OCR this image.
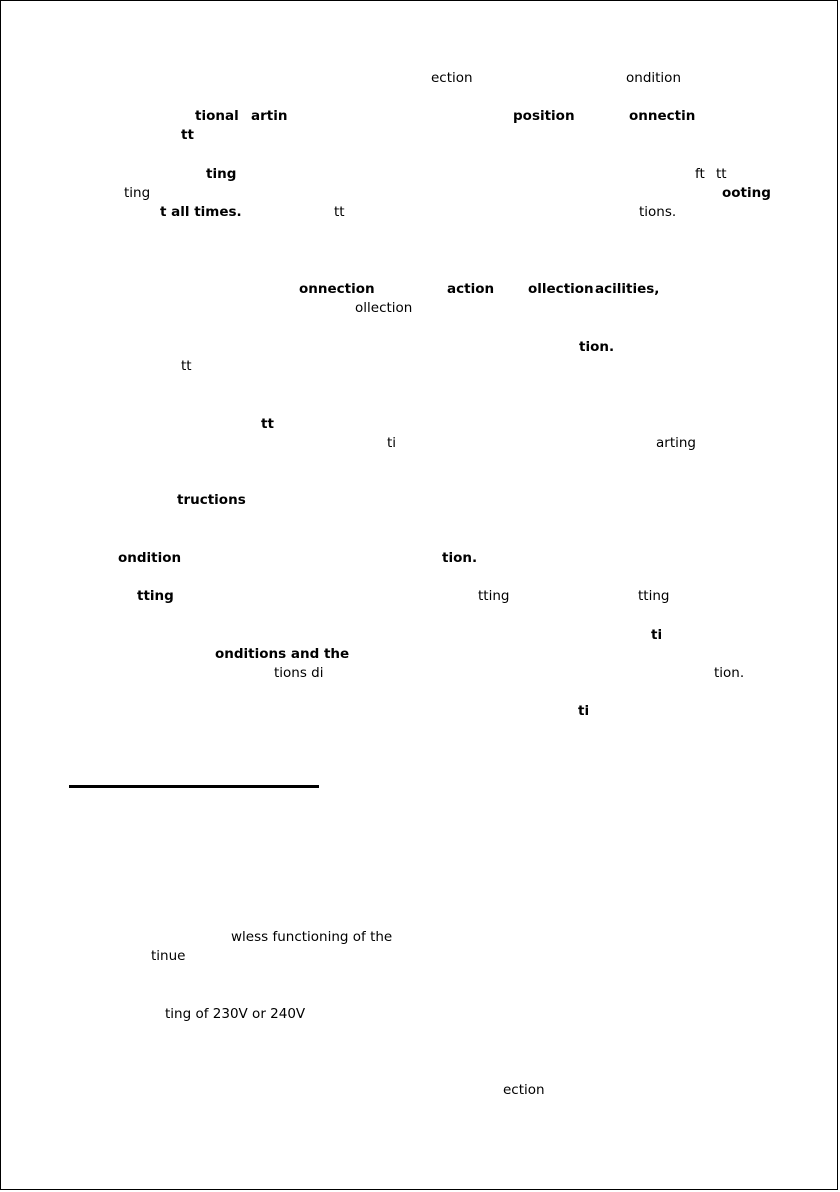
ection	ondition
tional artin	position	onnectin
tt
ting	ft tt
ting	ooting
t all times.	tt	tions.
onnection	action	ollection acilities,
ollection
tion.
tt
tt
ti	arting
tructions
ondition	tion.
tting	tting	tting
ti
onditions and the
tions di	tion.
ti
wless functioning of the
tinue
ting of 230V or 240V
ection
